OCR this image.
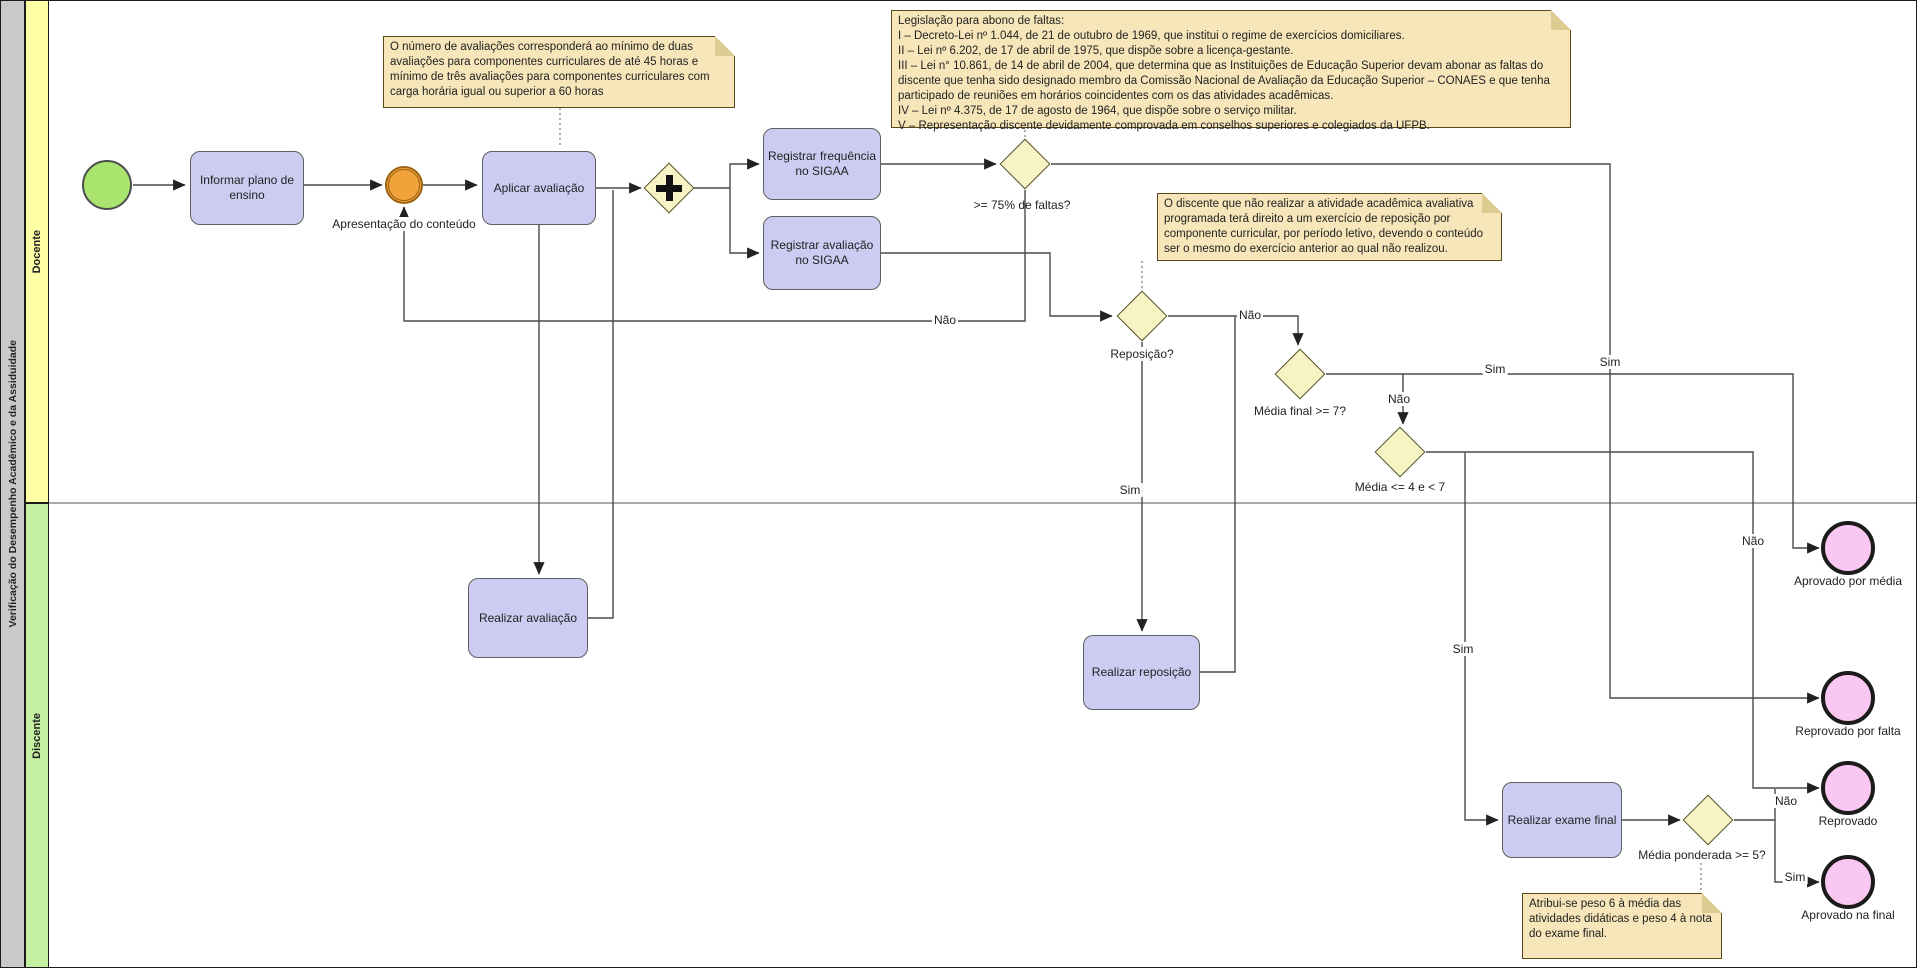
Verificação do Desempenho Acadêmico e da Assiduidade
Docente
Discente
O número de avaliações corresponderá ao mínimo de duas avaliações para componentes curriculares de até 45 horas e mínimo de três avaliações para componentes curriculares com carga horária igual ou superior a 60 horas
Legislação para abono de faltas:
I – Decreto-Lei nº 1.044, de 21 de outubro de 1969, que institui o regime de exercícios domiciliares.
II – Lei nº 6.202, de 17 de abril de 1975, que dispõe sobre a licença-gestante.
III – Lei n° 10.861, de 14 de abril de 2004, que determina que as Instituições de Educação Superior devam abonar as faltas do discente que tenha sido designado membro da Comissão Nacional de Avaliação da Educação Superior – CONAES e que tenha participado de reuniões em horários coincidentes com os das atividades acadêmicas.
IV – Lei nº 4.375, de 17 de agosto de 1964, que dispõe sobre o serviço militar.
V – Representação discente devidamente comprovada em conselhos superiores e colegiados da UFPB.
O discente que não realizar a atividade acadêmica avaliativa programada terá direito a um exercício de reposição por componente curricular, por período letivo, devendo o conteúdo ser o mesmo do exercício anterior ao qual não realizou.
Atribui-se peso 6 à média das atividades didáticas e peso 4 à nota do exame final.
Informar plano de ensino
Aplicar avaliação
Registrar frequência no SIGAA
Registrar avaliação no SIGAA
Realizar avaliação
Realizar reposição
Realizar exame final
Apresentação do conteúdo
Aprovado por média
Reprovado por falta
Reprovado
Aprovado na final
>= 75% de faltas?
Reposição?
Média final >= 7?
Média <= 4 e < 7
Média ponderada >= 5?
Não
Sim
Não
Sim
Sim
Não
Sim
Não
Não
Sim
